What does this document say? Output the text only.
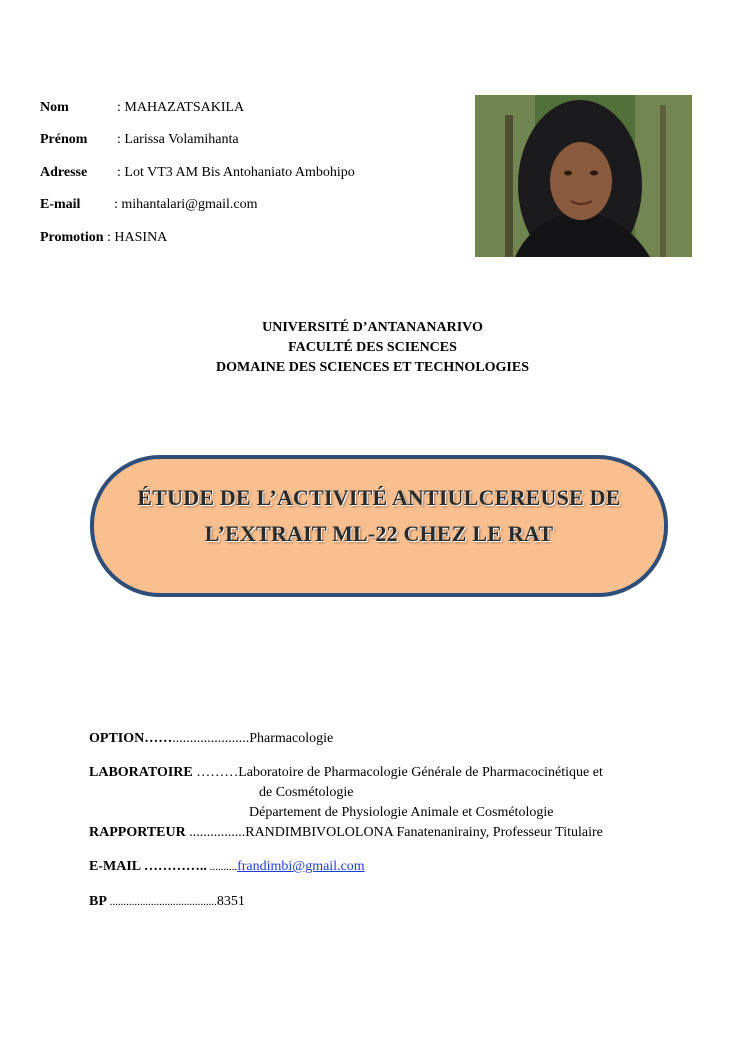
Nom	: MAHAZATSAKILA
Prénom : Larissa Volamihanta
Adresse : Lot VT3 AM Bis Antohaniato Ambohipo
E-mail : mihantalari@gmail.com
Promotion : HASINA
UNIVERSITÉ D’ANTANANARIVO
FACULTÉ DES SCIENCES
DOMAINE DES SCIENCES ET TECHNOLOGIES
ÉTUDE DE L’ACTIVITÉ ANTIULCEREUSE DE
L’EXTRAIT ML-22 CHEZ LE RAT
OPTION……......................Pharmacologie
LABORATOIRE ………Laboratoire de Pharmacologie Générale de Pharmacocinétique et
de Cosmétologie
Département de Physiologie Animale et Cosmétologie
RAPPORTEUR ................RANDIMBIVOLOLONA Fanatenanirainy, Professeur Titulaire
E-MAIL ………….. ..........frandimbi@gmail.com
BP .......................................8351
